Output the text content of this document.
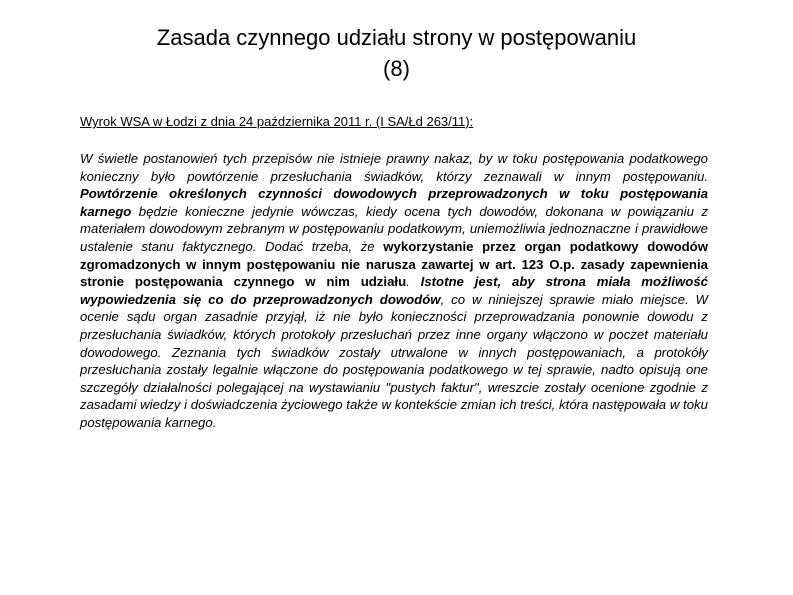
Zasada czynnego udziału strony w postępowaniu
(8)

Wyrok WSA w Łodzi z dnia 24 października 2011 r. (I SA/Łd 263/11):

W świetle postanowień tych przepisów nie istnieje prawny nakaz, by w toku postępowania podatkowego konieczny było powtórzenie przesłuchania świadków, którzy zeznawali w innym postępowaniu. Powtórzenie określonych czynności dowodowych przeprowadzonych w toku postępowania karnego będzie konieczne jedynie wówczas, kiedy ocena tych dowodów, dokonana w powiązaniu z materiałem dowodowym zebranym w postępowaniu podatkowym, uniemożliwia jednoznaczne i prawidłowe ustalenie stanu faktycznego. Dodać trzeba, że wykorzystanie przez organ podatkowy dowodów zgromadzonych w innym postępowaniu nie narusza zawartej w art. 123 O.p. zasady zapewnienia stronie postępowania czynnego w nim udziału. Istotne jest, aby strona miała możliwość wypowiedzenia się co do przeprowadzonych dowodów, co w niniejszej sprawie miało miejsce. W ocenie sądu organ zasadnie przyjął, iż nie było konieczności przeprowadzania ponownie dowodu z przesłuchania świadków, których protokoły przesłuchań przez inne organy włączono w poczet materiału dowodowego. Zeznania tych świadków zostały utrwalone w innych postępowaniach, a protokóły przesłuchania zostały legalnie włączone do postępowania podatkowego w tej sprawie, nadto opisują one szczegóły działalności polegającej na wystawianiu "pustych faktur", wreszcie zostały ocenione zgodnie z zasadami wiedzy i doświadczenia życiowego także w kontekście zmian ich treści, która następowała w toku postępowania karnego.
